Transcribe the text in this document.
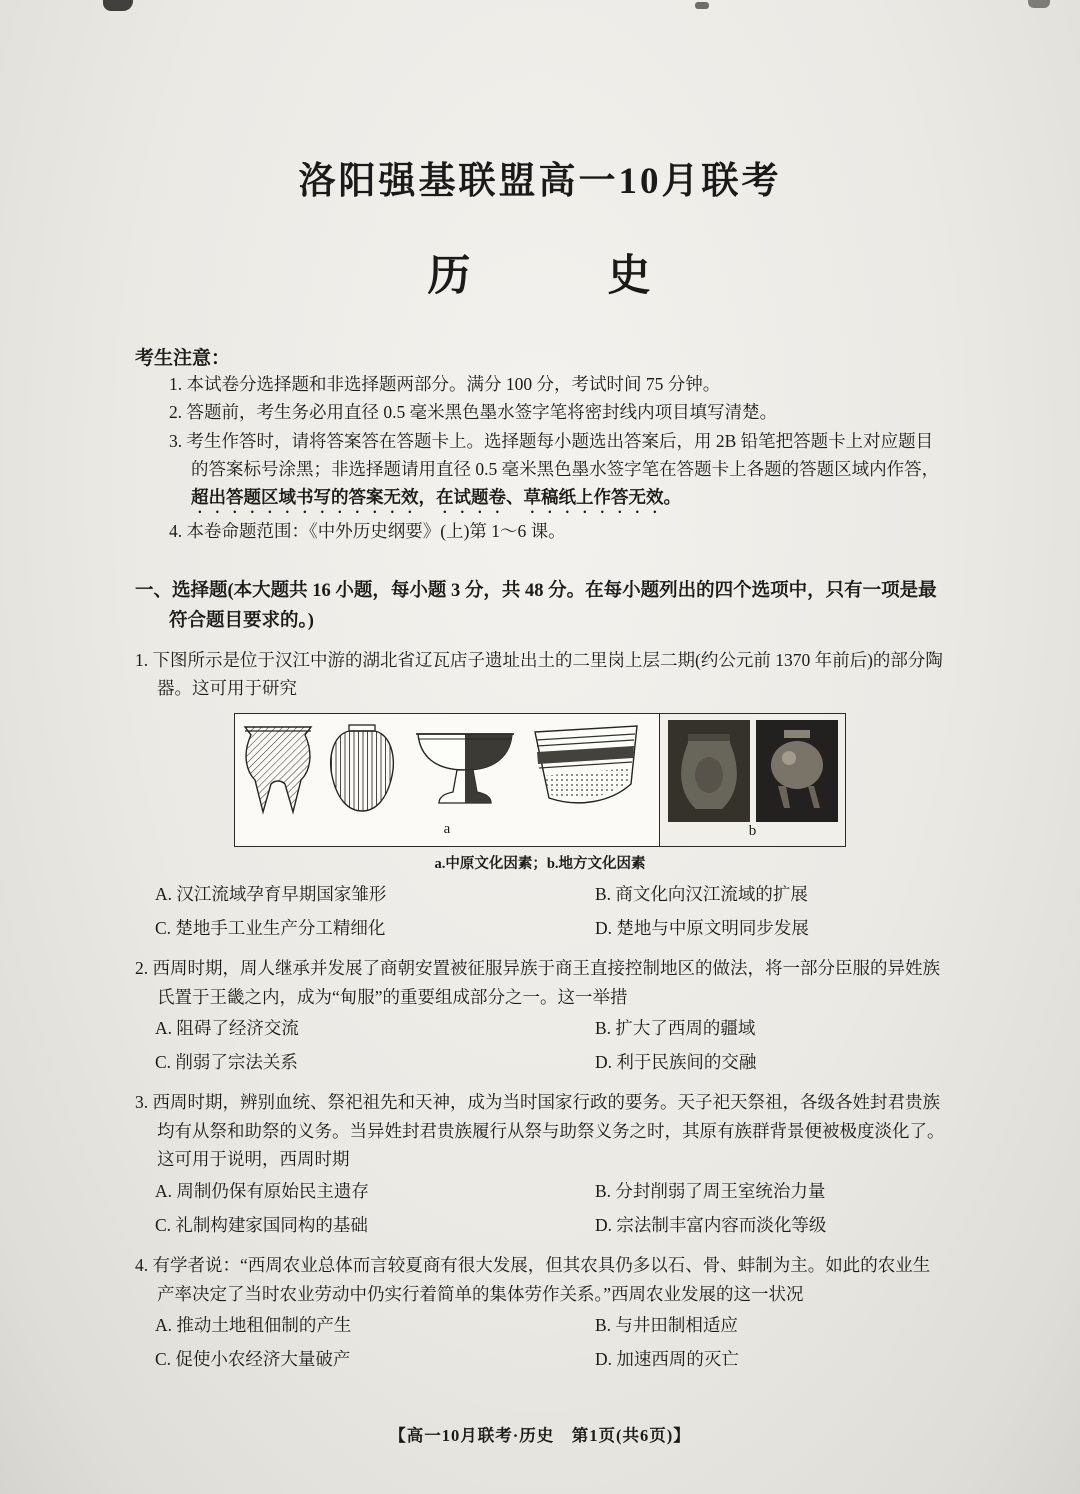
洛阳强基联盟高一10月联考
历　　　史
考生注意：
1. 本试卷分选择题和非选择题两部分。满分 100 分，考试时间 75 分钟。
2. 答题前，考生务必用直径 0.5 毫米黑色墨水签字笔将密封线内项目填写清楚。
3. 考生作答时，请将答案答在答题卡上。选择题每小题选出答案后，用 2B 铅笔把答题卡上对应题目的答案标号涂黑；非选择题请用直径 0.5 毫米黑色墨水签字笔在答题卡上各题的答题区域内作答，超出答题区域书写的答案无效，在试题卷、草稿纸上作答无效。
4. 本卷命题范围：《中外历史纲要》(上)第 1～6 课。
一、选择题(本大题共 16 小题，每小题 3 分，共 48 分。在每小题列出的四个选项中，只有一项是最符合题目要求的。)
1. 下图所示是位于汉江中游的湖北省辽瓦店子遗址出土的二里岗上层二期(约公元前 1370 年前后)的部分陶器。这可用于研究
a	b
a.中原文化因素；b.地方文化因素
A. 汉江流域孕育早期国家雏形	B. 商文化向汉江流域的扩展
C. 楚地手工业生产分工精细化	D. 楚地与中原文明同步发展
2. 西周时期，周人继承并发展了商朝安置被征服异族于商王直接控制地区的做法，将一部分臣服的异姓族氏置于王畿之内，成为“甸服”的重要组成部分之一。这一举措
A. 阻碍了经济交流	B. 扩大了西周的疆域
C. 削弱了宗法关系	D. 利于民族间的交融
3. 西周时期，辨别血统、祭祀祖先和天神，成为当时国家行政的要务。天子祀天祭祖，各级各姓封君贵族均有从祭和助祭的义务。当异姓封君贵族履行从祭与助祭义务之时，其原有族群背景便被极度淡化了。这可用于说明，西周时期
A. 周制仍保有原始民主遗存	B. 分封削弱了周王室统治力量
C. 礼制构建家国同构的基础	D. 宗法制丰富内容而淡化等级
4. 有学者说：“西周农业总体而言较夏商有很大发展，但其农具仍多以石、骨、蚌制为主。如此的农业生产率决定了当时农业劳动中仍实行着简单的集体劳作关系。”西周农业发展的这一状况
A. 推动土地租佃制的产生	B. 与井田制相适应
C. 促使小农经济大量破产	D. 加速西周的灭亡
【高一10月联考·历史　第1页(共6页)】
